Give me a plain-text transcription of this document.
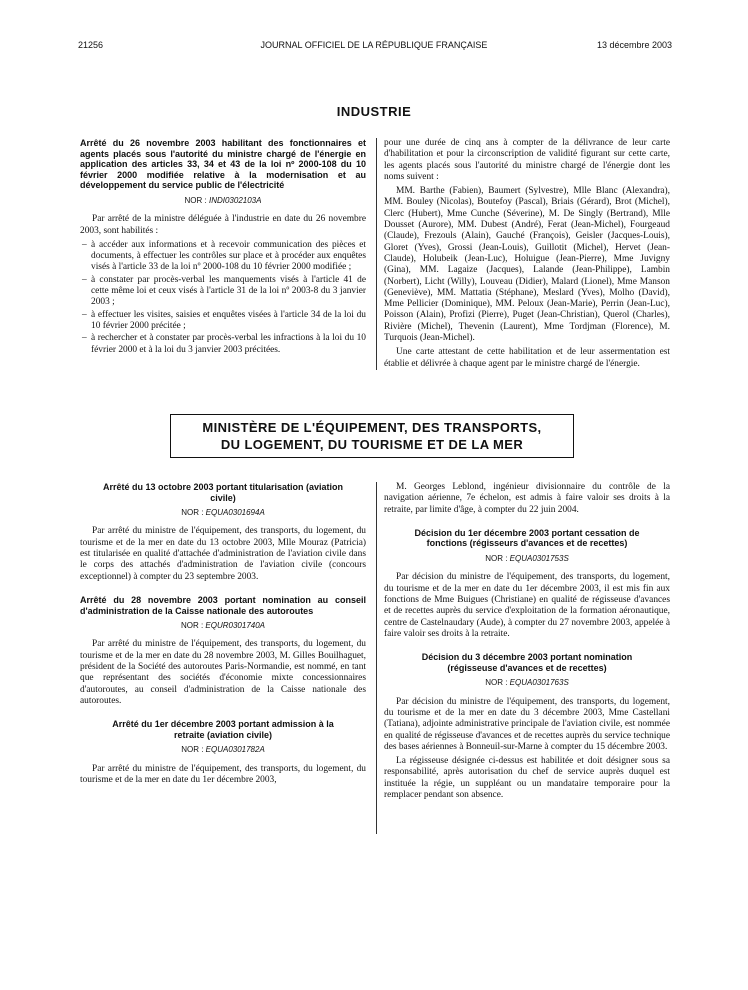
21256	JOURNAL OFFICIEL DE LA RÉPUBLIQUE FRANÇAISE	13 décembre 2003
INDUSTRIE
Arrêté du 26 novembre 2003 habilitant des fonctionnaires et agents placés sous l'autorité du ministre chargé de l'énergie en application des articles 33, 34 et 43 de la loi nº 2000-108 du 10 février 2000 modifiée relative à la modernisation et au développement du service public de l'électricité
NOR : INDI0302103A

Par arrêté de la ministre déléguée à l'industrie en date du 26 novembre 2003, sont habilités :

– à accéder aux informations et à recevoir communication des pièces et documents, à effectuer les contrôles sur place et à procéder aux enquêtes visés à l'article 33 de la loi nº 2000-108 du 10 février 2000 modifiée ;
– à constater par procès-verbal les manquements visés à l'article 41 de cette même loi et ceux visés à l'article 31 de la loi nº 2003-8 du 3 janvier 2003 ;
– à effectuer les visites, saisies et enquêtes visées à l'article 34 de la loi du 10 février 2000 précitée ;
– à rechercher et à constater par procès-verbal les infractions à la loi du 10 février 2000 et à la loi du 3 janvier 2003 précitées.

pour une durée de cinq ans à compter de la délivrance de leur carte d'habilitation et pour la circonscription de validité figurant sur cette carte, les agents placés sous l'autorité du ministre chargé de l'énergie dont les noms suivent :

MM. Barthe (Fabien), Baumert (Sylvestre), Mlle Blanc (Alexandra), MM. Bouley (Nicolas), Boutefoy (Pascal), Briais (Gérard), Brot (Michel), Clerc (Hubert), Mme Cunche (Séverine), M. De Singly (Bertrand), Mlle Dousset (Aurore), MM. Dubest (André), Ferat (Jean-Michel), Fourgeaud (Claude), Frezouls (Alain), Gauché (François), Geisler (Jacques-Louis), Gloret (Yves), Grossi (Jean-Louis), Guillotit (Michel), Hervet (Jean-Claude), Holubeik (Jean-Luc), Holuigue (Jean-Pierre), Mme Juvigny (Gina), MM. Lagaize (Jacques), Lalande (Jean-Philippe), Lambin (Norbert), Licht (Willy), Louveau (Didier), Malard (Lionel), Mme Manson (Geneviève), MM. Mattatia (Stéphane), Meslard (Yves), Molho (David), Mme Pellicier (Dominique), MM. Peloux (Jean-Marie), Perrin (Jean-Luc), Poisson (Alain), Profizi (Pierre), Puget (Jean-Christian), Querol (Charles), Rivière (Michel), Thevenin (Laurent), Mme Tordjman (Florence), M. Turquois (Jean-Michel).

Une carte attestant de cette habilitation et de leur assermentation est établie et délivrée à chaque agent par le ministre chargé de l'énergie.

MINISTÈRE DE L'ÉQUIPEMENT, DES TRANSPORTS,
DU LOGEMENT, DU TOURISME ET DE LA MER
Arrêté du 13 octobre 2003 portant titularisation (aviation civile)
NOR : EQUA0301694A

Par arrêté du ministre de l'équipement, des transports, du logement, du tourisme et de la mer en date du 13 octobre 2003, Mlle Mouraz (Patricia) est titularisée en qualité d'attachée d'administration de l'aviation civile dans le corps des attachés d'administration de l'aviation civile (concours exceptionnel) à compter du 23 septembre 2003.

Arrêté du 28 novembre 2003 portant nomination au conseil d'administration de la Caisse nationale des autoroutes
NOR : EQUR0301740A

Par arrêté du ministre de l'équipement, des transports, du logement, du tourisme et de la mer en date du 28 novembre 2003, M. Gilles Bouilhaguet, président de la Société des autoroutes Paris-Normandie, est nommé, en tant que représentant des sociétés d'économie mixte concessionnaires d'autoroutes, au conseil d'administration de la Caisse nationale des autoroutes.

Arrêté du 1er décembre 2003 portant admission à la retraite (aviation civile)
NOR : EQUA0301782A

Par arrêté du ministre de l'équipement, des transports, du logement, du tourisme et de la mer en date du 1er décembre 2003,

M. Georges Leblond, ingénieur divisionnaire du contrôle de la navigation aérienne, 7e échelon, est admis à faire valoir ses droits à la retraite, par limite d'âge, à compter du 22 juin 2004.

Décision du 1er décembre 2003 portant cessation de fonctions (régisseurs d'avances et de recettes)
NOR : EQUA0301753S

Par décision du ministre de l'équipement, des transports, du logement, du tourisme et de la mer en date du 1er décembre 2003, il est mis fin aux fonctions de Mme Buigues (Christiane) en qualité de régisseuse d'avances et de recettes auprès du service d'exploitation de la formation aéronautique, centre de Castelnaudary (Aude), à compter du 27 novembre 2003, appelée à faire valoir ses droits à la retraite.

Décision du 3 décembre 2003 portant nomination (régisseuse d'avances et de recettes)
NOR : EQUA0301763S

Par décision du ministre de l'équipement, des transports, du logement, du tourisme et de la mer en date du 3 décembre 2003, Mme Castellani (Tatiana), adjointe administrative principale de l'aviation civile, est nommée en qualité de régisseuse d'avances et de recettes auprès du service technique des bases aériennes à Bonneuil-sur-Marne à compter du 15 décembre 2003.

La régisseuse désignée ci-dessus est habilitée et doit désigner sous sa responsabilité, après autorisation du chef de service auprès duquel est instituée la régie, un suppléant ou un mandataire temporaire pour la remplacer pendant son absence.
